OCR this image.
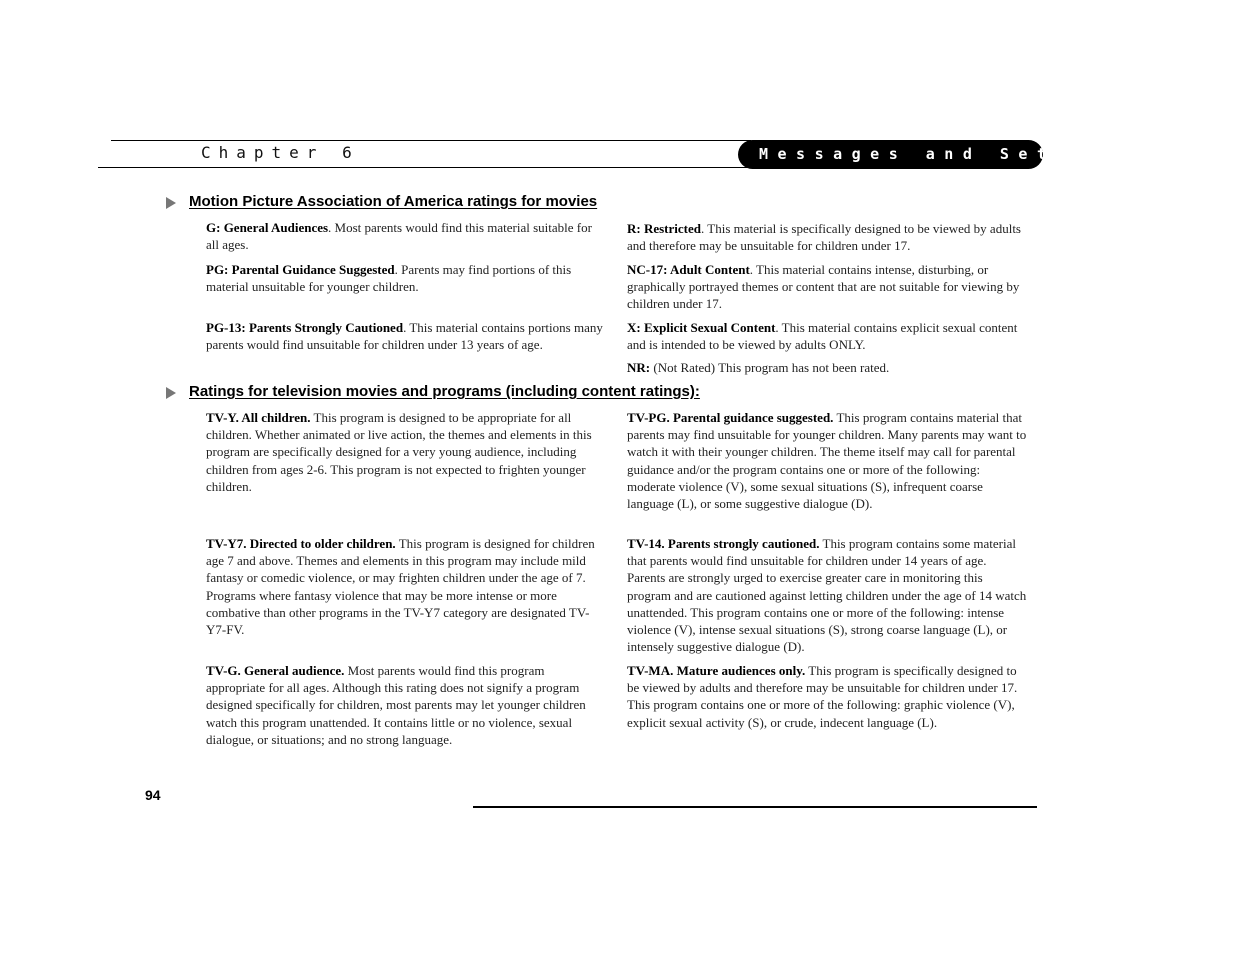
Chapter 6	Messages and Setup
Motion Picture Association of America ratings for movies
G: General Audiences. Most parents would find this material suitable for all ages.
PG: Parental Guidance Suggested. Parents may find portions of this material unsuitable for younger children.
PG-13: Parents Strongly Cautioned. This material contains portions many parents would find unsuitable for children under 13 years of age.
R: Restricted. This material is specifically designed to be viewed by adults and therefore may be unsuitable for children under 17.
NC-17: Adult Content. This material contains intense, disturbing, or graphically portrayed themes or content that are not suitable for viewing by children under 17.
X: Explicit Sexual Content. This material contains explicit sexual content and is intended to be viewed by adults ONLY.
NR: (Not Rated) This program has not been rated.
Ratings for television movies and programs (including content ratings):
TV-Y. All children. This program is designed to be appropriate for all children. Whether animated or live action, the themes and elements in this program are specifically designed for a very young audience, including children from ages 2-6. This program is not expected to frighten younger children.
TV-Y7. Directed to older children. This program is designed for children age 7 and above. Themes and elements in this program may include mild fantasy or comedic violence, or may frighten children under the age of 7. Programs where fantasy violence that may be more intense or more combative than other programs in the TV-Y7 category are designated TV-Y7-FV.
TV-G. General audience. Most parents would find this program appropriate for all ages. Although this rating does not signify a program designed specifically for children, most parents may let younger children watch this program unattended. It contains little or no violence, sexual dialogue, or situations; and no strong language.
TV-PG. Parental guidance suggested. This program contains material that parents may find unsuitable for younger children. Many parents may want to watch it with their younger children. The theme itself may call for parental guidance and/or the program contains one or more of the following: moderate violence (V), some sexual situations (S), infrequent coarse language (L), or some suggestive dialogue (D).
TV-14. Parents strongly cautioned. This program contains some material that parents would find unsuitable for children under 14 years of age. Parents are strongly urged to exercise greater care in monitoring this program and are cautioned against letting children under the age of 14 watch unattended. This program contains one or more of the following: intense violence (V), intense sexual situations (S), strong coarse language (L), or intensely suggestive dialogue (D).
TV-MA. Mature audiences only. This program is specifically designed to be viewed by adults and therefore may be unsuitable for children under 17. This program contains one or more of the following: graphic violence (V), explicit sexual activity (S), or crude, indecent language (L).
94
